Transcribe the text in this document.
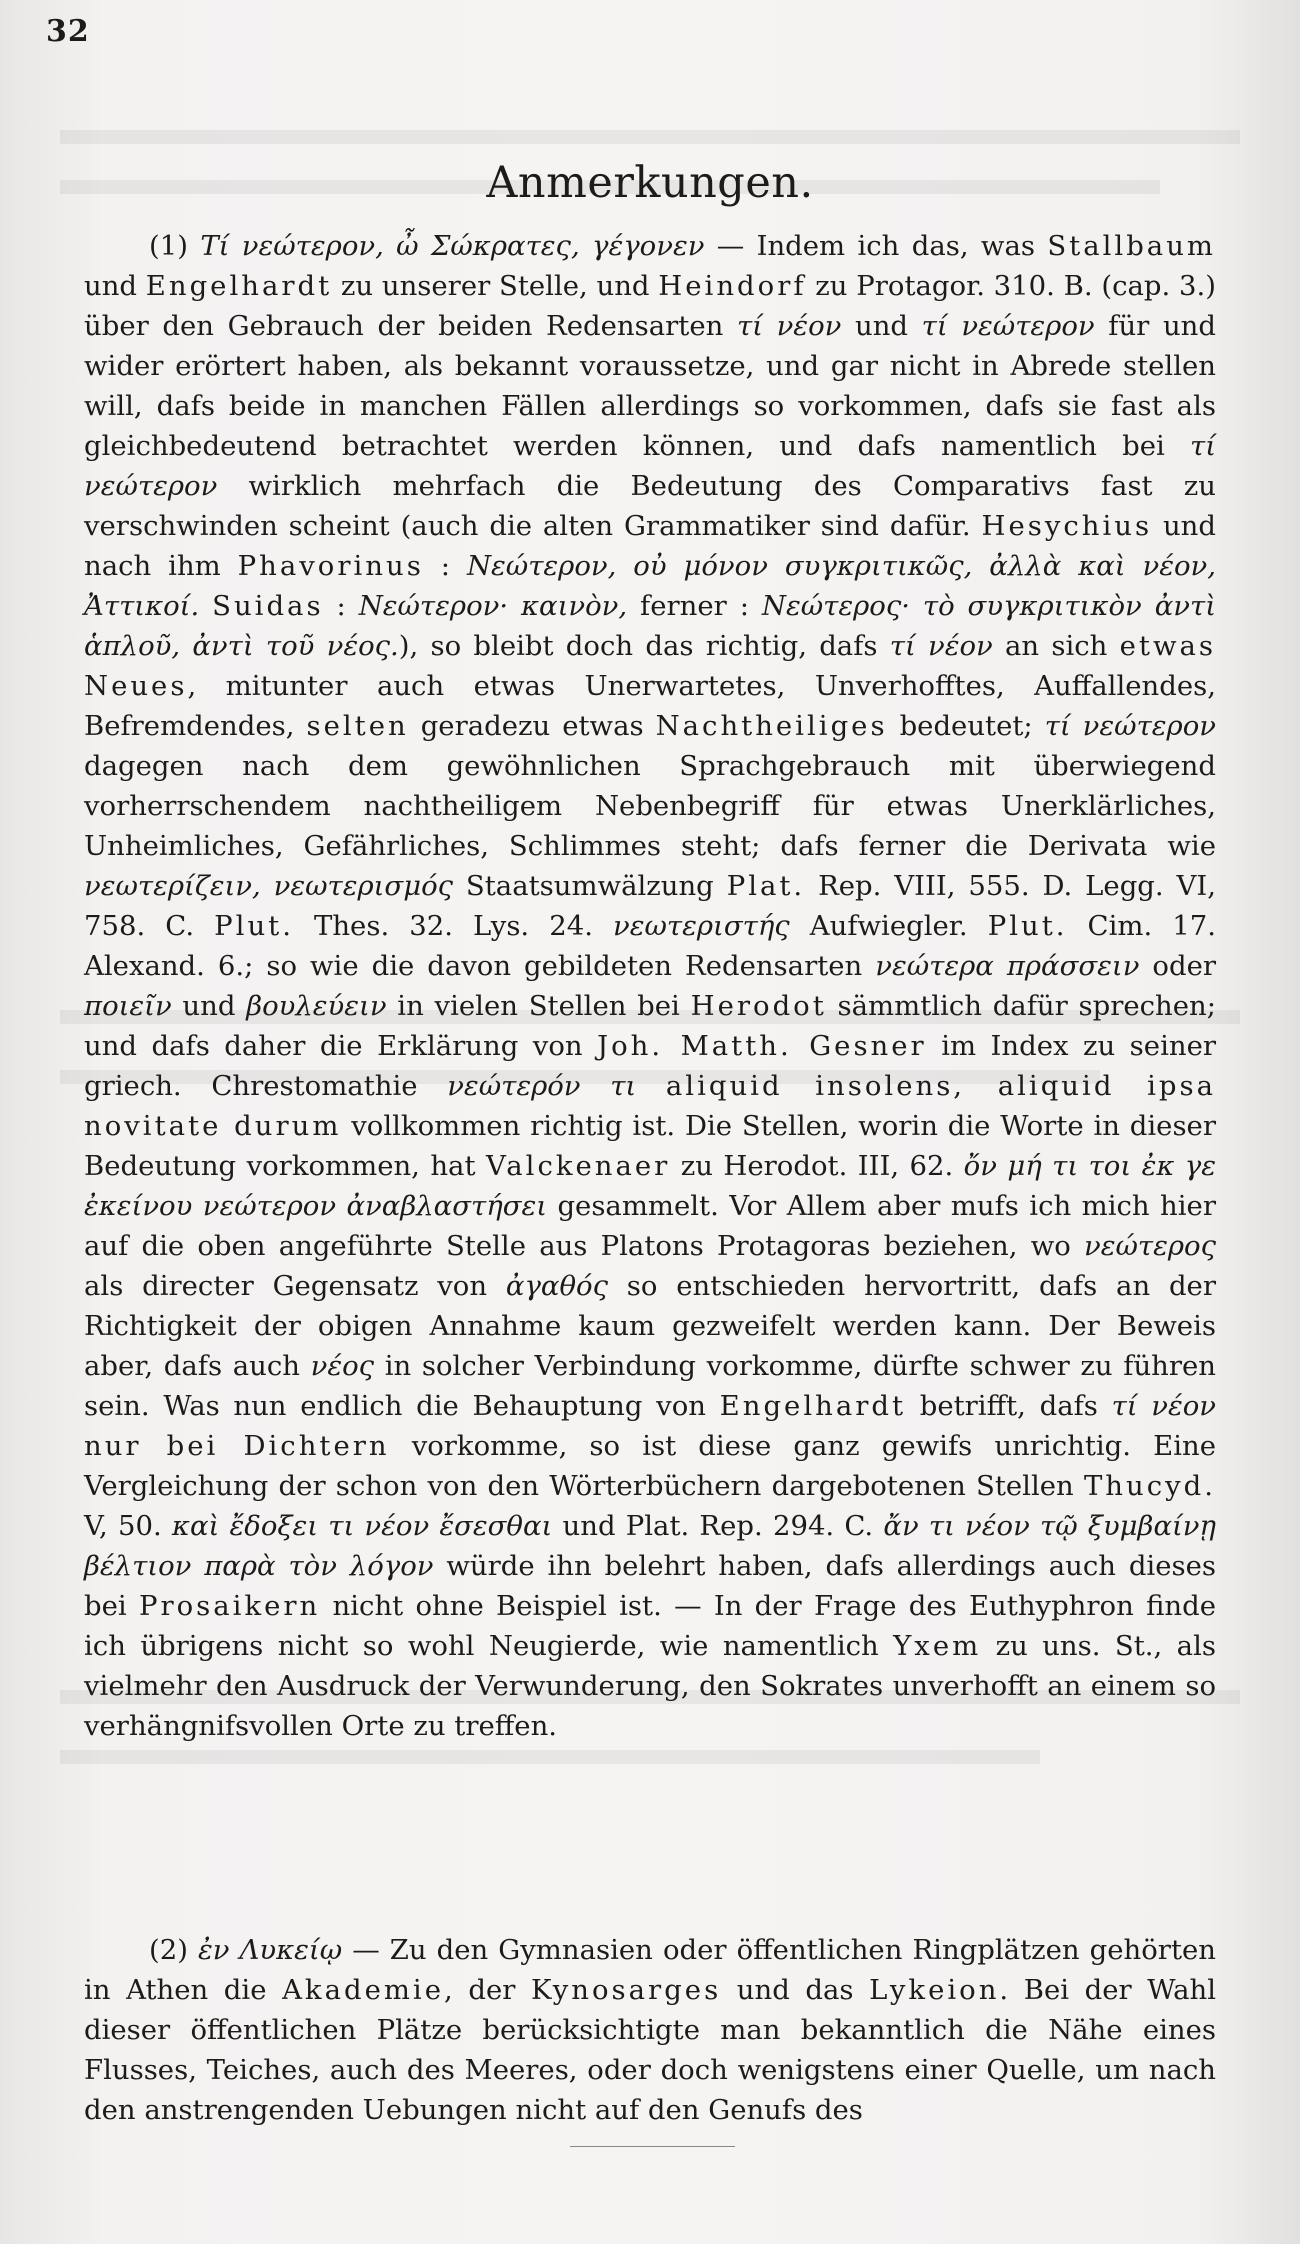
32
Anmerkungen.

(1) Τί νεώτερον, ὦ Σώκρατες, γέγονεν — Indem ich das, was Stallbaum und Engelhardt zu unserer Stelle, und Heindorf zu Protagor. 310. B. (cap. 3.) über den Gebrauch der beiden Redensarten τί νέον und τί νεώτερον für und wider erörtert haben, als bekannt voraussetze, und gar nicht in Abrede stellen will, dafs beide in manchen Fällen allerdings so vorkommen, dafs sie fast als gleichbedeutend betrachtet werden können, und dafs namentlich bei τί νεώτερον wirklich mehrfach die Bedeutung des Comparativs fast zu verschwinden scheint (auch die alten Grammatiker sind dafür. Hesychius und nach ihm Phavorinus : Νεώτερον, οὐ μόνον συγκριτικῶς, ἀλλὰ καὶ νέον, Ἀττικοί. Suidas : Νεώτερον· καινὸν, ferner : Νεώτερος· τὸ συγκριτικὸν ἀντὶ ἁπλοῦ, ἀντὶ τοῦ νέος.), so bleibt doch das richtig, dafs τί νέον an sich etwas Neues, mitunter auch etwas Unerwartetes, Unverhofftes, Auffallendes, Befremdendes, selten geradezu etwas Nachtheiliges bedeutet; τί νεώτερον dagegen nach dem gewöhnlichen Sprachgebrauch mit überwiegend vorherrschendem nachtheiligem Nebenbegriff für etwas Unerklärliches, Unheimliches, Gefährliches, Schlimmes steht; dafs ferner die Derivata wie νεωτερίζειν, νεωτερισμός Staatsumwälzung Plat. Rep. VIII, 555. D. Legg. VI, 758. C. Plut. Thes. 32. Lys. 24. νεωτεριστής Aufwiegler. Plut. Cim. 17. Alexand. 6.; so wie die davon gebildeten Redensarten νεώτερα πράσσειν oder ποιεῖν und βουλεύειν in vielen Stellen bei Herodot sämmtlich dafür sprechen; und dafs daher die Erklärung von Joh. Matth. Gesner im Index zu seiner griech. Chrestomathie νεώτερόν τι aliquid insolens, aliquid ipsa novitate durum vollkommen richtig ist. Die Stellen, worin die Worte in dieser Bedeutung vorkommen, hat Valckenaer zu Herodot. III, 62. ὄν μή τι τοι ἐκ γε ἐκείνου νεώτερον ἀναβλαστήσει gesammelt. Vor Allem aber mufs ich mich hier auf die oben angeführte Stelle aus Platons Protagoras beziehen, wo νεώτερος als directer Gegensatz von ἀγαθός so entschieden hervortritt, dafs an der Richtigkeit der obigen Annahme kaum gezweifelt werden kann. Der Beweis aber, dafs auch νέος in solcher Verbindung vorkomme, dürfte schwer zu führen sein. Was nun endlich die Behauptung von Engelhardt betrifft, dafs τί νέον nur bei Dichtern vorkomme, so ist diese ganz gewifs unrichtig. Eine Vergleichung der schon von den Wörterbüchern dargebotenen Stellen Thucyd. V, 50. καὶ ἔδοξει τι νέον ἔσεσθαι und Plat. Rep. 294. C. ἄν τι νέον τῷ ξυμβαίνῃ βέλτιον παρὰ τὸν λόγον würde ihn belehrt haben, dafs allerdings auch dieses bei Prosaikern nicht ohne Beispiel ist. — In der Frage des Euthyphron finde ich übrigens nicht so wohl Neugierde, wie namentlich Yxem zu uns. St., als vielmehr den Ausdruck der Verwunderung, den Sokrates unverhofft an einem so verhängnifsvollen Orte zu treffen.

(2) ἐν Λυκείῳ — Zu den Gymnasien oder öffentlichen Ringplätzen gehörten in Athen die Akademie, der Kynosarges und das Lykeion. Bei der Wahl dieser öffentlichen Plätze berücksichtigte man bekanntlich die Nähe eines Flusses, Teiches, auch des Meeres, oder doch wenigstens einer Quelle, um nach den anstrengenden Uebungen nicht auf den Genufs des
